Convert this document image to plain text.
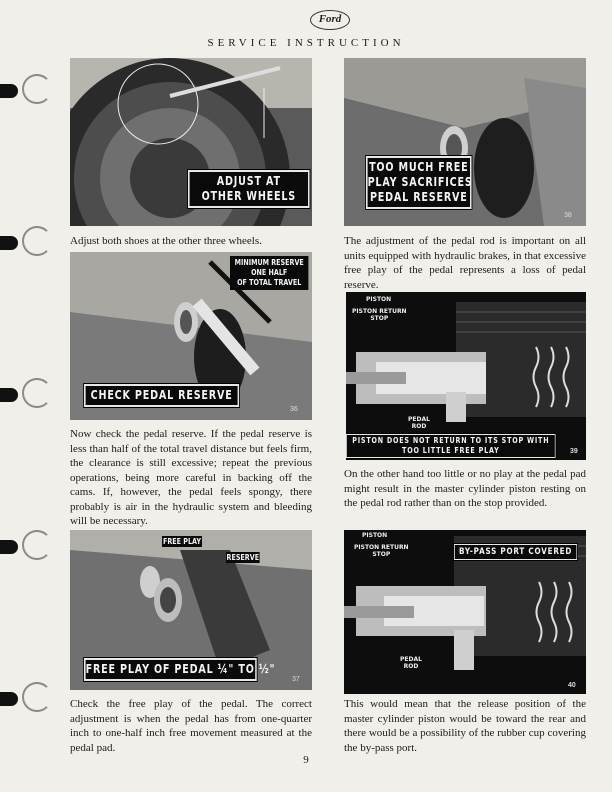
Ford
SERVICE INSTRUCTION
ADJUST AT
OTHER WHEELS
TOO MUCH FREE
PLAY SACRIFICES
PEDAL RESERVE
38

Adjust both shoes at the other three wheels.	The adjustment of the pedal rod is important on all units equipped with hydraulic brakes, in that excessive free play of the pedal represents a loss of pedal reserve.

MINIMUM RESERVE
ONE HALF
OF TOTAL TRAVEL
CHECK PEDAL RESERVE
36

Now check the pedal reserve. If the pedal reserve is less than half of the total travel distance but feels firm, the clearance is still excessive; repeat the previous operations, being more careful in backing off the cams. If, however, the pedal feels spongy, there probably is air in the hydraulic system and bleeding will be necessary.

PISTON
PISTON RETURN
STOP
PEDAL
ROD
PISTON DOES NOT RETURN TO ITS STOP WITH
TOO LITTLE FREE PLAY	39

On the other hand too little or no play at the pedal pad might result in the master cylinder piston resting on the pedal rod rather than on the stop provided.

FREE PLAY
RESERVE
FREE PLAY OF PEDAL ¼" TO ½"
37
PISTON
PISTON RETURN
STOP
PEDAL
ROD
BY-PASS PORT COVERED
40

Check the free play of the pedal. The correct adjustment is when the pedal has from one-quarter inch to one-half inch free movement measured at the pedal pad.

This would mean that the release position of the master cylinder piston would be toward the rear and there would be a possibility of the rubber cup covering the by-pass port.

9
